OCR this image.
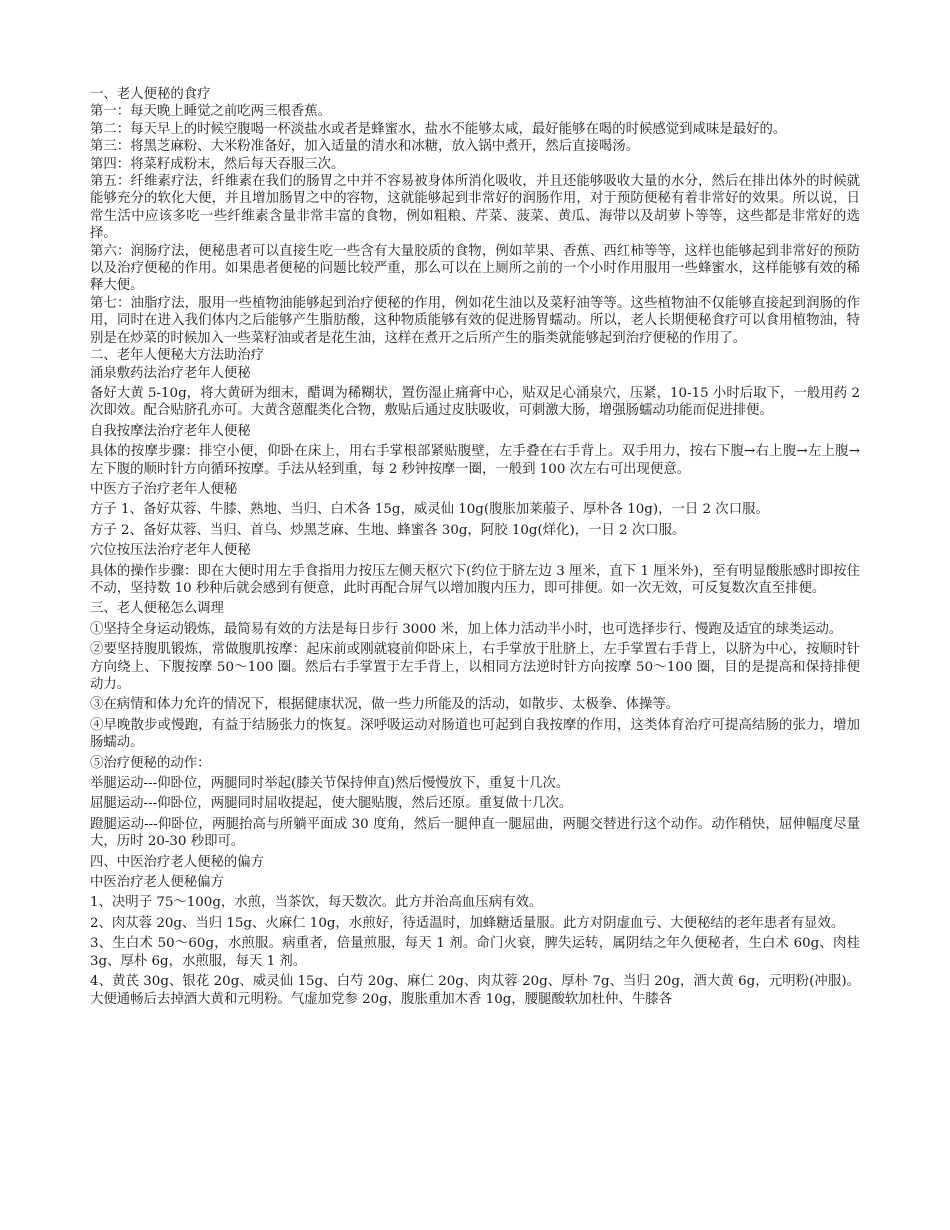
一、老人便秘的食疗

第一：每天晚上睡觉之前吃两三根香蕉。

第二：每天早上的时候空腹喝一杯淡盐水或者是蜂蜜水，盐水不能够太咸，最好能够在喝的时候感觉到咸味是最好的。

第三：将黑芝麻粉、大米粉准备好，加入适量的清水和冰糖，放入锅中煮开，然后直接喝汤。

第四：将菜籽成粉末，然后每天吞服三次。

第五：纤维素疗法，纤维素在我们的肠胃之中并不容易被身体所消化吸收，并且还能够吸收大量的水分，然后在排出体外的时候就能够充分的软化大便，并且增加肠胃之中的容物，这就能够起到非常好的润肠作用，对于预防便秘有着非常好的效果。所以说，日常生活中应该多吃一些纤维素含量非常丰富的食物，例如粗粮、芹菜、菠菜、黄瓜、海带以及胡萝卜等等，这些都是非常好的选择。

第六：润肠疗法，便秘患者可以直接生吃一些含有大量胶质的食物，例如苹果、香蕉、西红柿等等，这样也能够起到非常好的预防以及治疗便秘的作用。如果患者便秘的问题比较严重，那么可以在上厕所之前的一个小时作用服用一些蜂蜜水，这样能够有效的稀释大便。

第七：油脂疗法，服用一些植物油能够起到治疗便秘的作用，例如花生油以及菜籽油等等。这些植物油不仅能够直接起到润肠的作用，同时在进入我们体内之后能够产生脂肪酸，这种物质能够有效的促进肠胃蠕动。所以，老人长期便秘食疗可以食用植物油，特别是在炒菜的时候加入一些菜籽油或者是花生油，这样在煮开之后所产生的脂类就能够起到治疗便秘的作用了。

二、老年人便秘大方法助治疗

涌泉敷药法治疗老年人便秘

备好大黄 5-10g，将大黄研为细末，醋调为稀糊状，置伤湿止痛膏中心，贴双足心涌泉穴，压紧，10-15 小时后取下，一般用药 2 次即效。配合贴脐孔亦可。大黄含蒽醌类化合物，敷贴后通过皮肤吸收，可刺激大肠，增强肠蠕动功能而促进排便。

自我按摩法治疗老年人便秘

具体的按摩步骤：排空小便，仰卧在床上，用右手掌根部紧贴腹壁，左手叠在右手背上。双手用力，按右下腹→右上腹→左上腹→左下腹的顺时针方向循环按摩。手法从轻到重，每 2 秒钟按摩一圈，一般到 100 次左右可出现便意。

中医方子治疗老年人便秘

方子 1、备好苁蓉、牛膝、熟地、当归、白术各 15g，威灵仙 10g(腹胀加莱菔子、厚朴各 10g)，一日 2 次口服。

方子 2、备好苁蓉、当归、首乌、炒黑芝麻、生地、蜂蜜各 30g，阿胶 10g(烊化)，一日 2 次口服。

穴位按压法治疗老年人便秘

具体的操作步骤：即在大便时用左手食指用力按压左侧天枢穴下(约位于脐左边 3 厘米，直下 1 厘米外)，至有明显酸胀感时即按住不动，坚持数 10 秒种后就会感到有便意，此时再配合屏气以增加腹内压力，即可排便。如一次无效，可反复数次直至排便。

三、老人便秘怎么调理

①坚持全身运动锻炼，最简易有效的方法是每日步行 3000 米，加上体力活动半小时，也可选择步行、慢跑及适宜的球类运动。

②要坚持腹肌锻炼，常做腹肌按摩：起床前或刚就寝前仰卧床上，右手掌放于肚脐上，左手掌置右手背上，以脐为中心，按顺时针方向绕上、下腹按摩 50～100 圈。然后右手掌置于左手背上，以相同方法逆时针方向按摩 50～100 圈，目的是提高和保持排便动力。

③在病情和体力允许的情况下，根据健康状况，做一些力所能及的活动，如散步、太极拳、体操等。

④早晚散步或慢跑，有益于结肠张力的恢复。深呼吸运动对肠道也可起到自我按摩的作用，这类体育治疗可提高结肠的张力，增加肠蠕动。

⑤治疗便秘的动作：

举腿运动---仰卧位，两腿同时举起(膝关节保持伸直)然后慢慢放下，重复十几次。

屈腿运动---仰卧位，两腿同时屈收提起，使大腿贴腹，然后还原。重复做十几次。

蹬腿运动---仰卧位，两腿抬高与所躺平面成 30 度角，然后一腿伸直一腿屈曲，两腿交替进行这个动作。动作稍快，屈伸幅度尽量大，历时 20-30 秒即可。

四、中医治疗老人便秘的偏方

中医治疗老人便秘偏方

1、决明子 75～100g，水煎，当茶饮，每天数次。此方并治高血压病有效。

2、肉苁蓉 20g、当归 15g、火麻仁 10g，水煎好，待适温时，加蜂糖适量服。此方对阴虚血亏、大便秘结的老年患者有显效。

3、生白术 50～60g，水煎服。病重者，倍量煎服，每天 1 剂。命门火衰，脾失运转，属阴结之年久便秘者，生白术 60g、肉桂 3g、厚朴 6g，水煎服，每天 1 剂。

4、黄芪 30g、银花 20g、威灵仙 15g、白芍 20g、麻仁 20g、肉苁蓉 20g、厚朴 7g、当归 20g，酒大黄 6g，元明粉(冲服)。大便通畅后去掉酒大黄和元明粉。气虚加党参 20g，腹胀重加木香 10g，腰腿酸软加杜仲、牛膝各
